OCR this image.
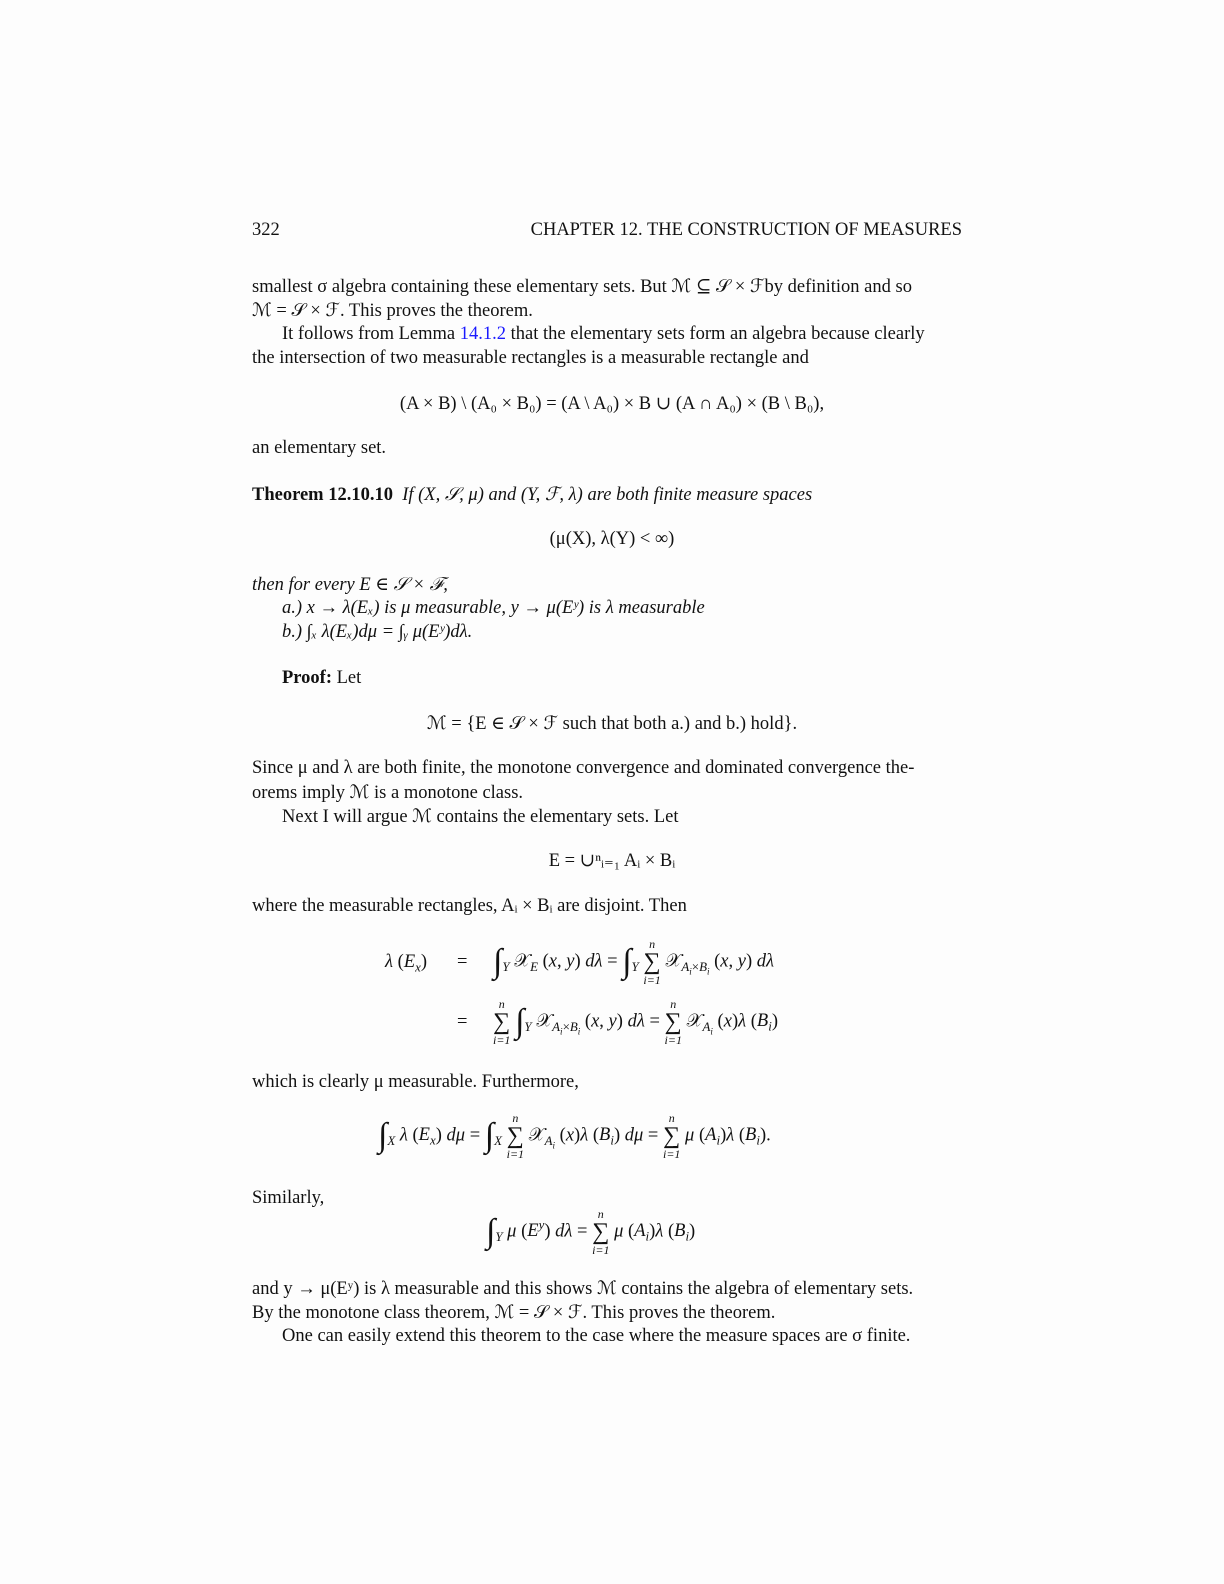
322	CHAPTER 12. THE CONSTRUCTION OF MEASURES
smallest σ algebra containing these elementary sets. But ℳ ⊆ 𝒮 × ℱby definition and so
ℳ = 𝒮 × ℱ. This proves the theorem.
It follows from Lemma 14.1.2 that the elementary sets form an algebra because clearly
the intersection of two measurable rectangles is a measurable rectangle and
(A × B) \ (A₀ × B₀) = (A \ A₀) × B ∪ (A ∩ A₀) × (B \ B₀),
an elementary set.
Theorem 12.10.10 If (X, 𝒮, μ) and (Y, ℱ, λ) are both finite measure spaces
(μ(X), λ(Y) < ∞)
then for every E ∈ 𝒮 × ℱ,
a.) x → λ(Eₓ) is μ measurable, y → μ(Eʸ) is λ measurable
b.) ∫ₓ λ(Eₓ)dμ = ∫ᵧ μ(Eʸ)dλ.
Proof: Let
ℳ = {E ∈ 𝒮 × ℱ such that both a.) and b.) hold}.
Since μ and λ are both finite, the monotone convergence and dominated convergence the-
orems imply ℳ is a monotone class.
Next I will argue ℳ contains the elementary sets. Let
E = ∪ⁿᵢ₌₁ Aᵢ × Bᵢ
where the measurable rectangles, Aᵢ × Bᵢ are disjoint. Then
λ $(E_x) = \int_Y$ 𝒳$_E$ (x, y) $d\lambda = \int_Y$
n
∑
i=1
𝒳$_{A_i\times B_i}$ (x, y) dλ
=
n
∑
i=1 $\int_Y$ 𝒳$_{A_i\times B_i}$ (x, y) dλ =
n
∑
i=1
𝒳$_{A_i}$ (x)λ $(B_i)$
which is clearly μ measurable. Furthermore,
$\int_X$ λ $(E_x) d\mu = \int_X$
n
∑
i=1
𝒳$_{A_i}$ (x)λ $(B_i) d\mu$ =
n
∑
i=1
μ $(A_i)\lambda$ $(B_i)$.
Similarly,
$\int_Y$ μ $(E^y) d\lambda$ =
n
∑
i=1
μ $(A_i)\lambda$ $(B_i)$
and y → μ(Eʸ) is λ measurable and this shows ℳ contains the algebra of elementary sets.
By the monotone class theorem, ℳ = 𝒮 × ℱ. This proves the theorem.
One can easily extend this theorem to the case where the measure spaces are σ finite.
